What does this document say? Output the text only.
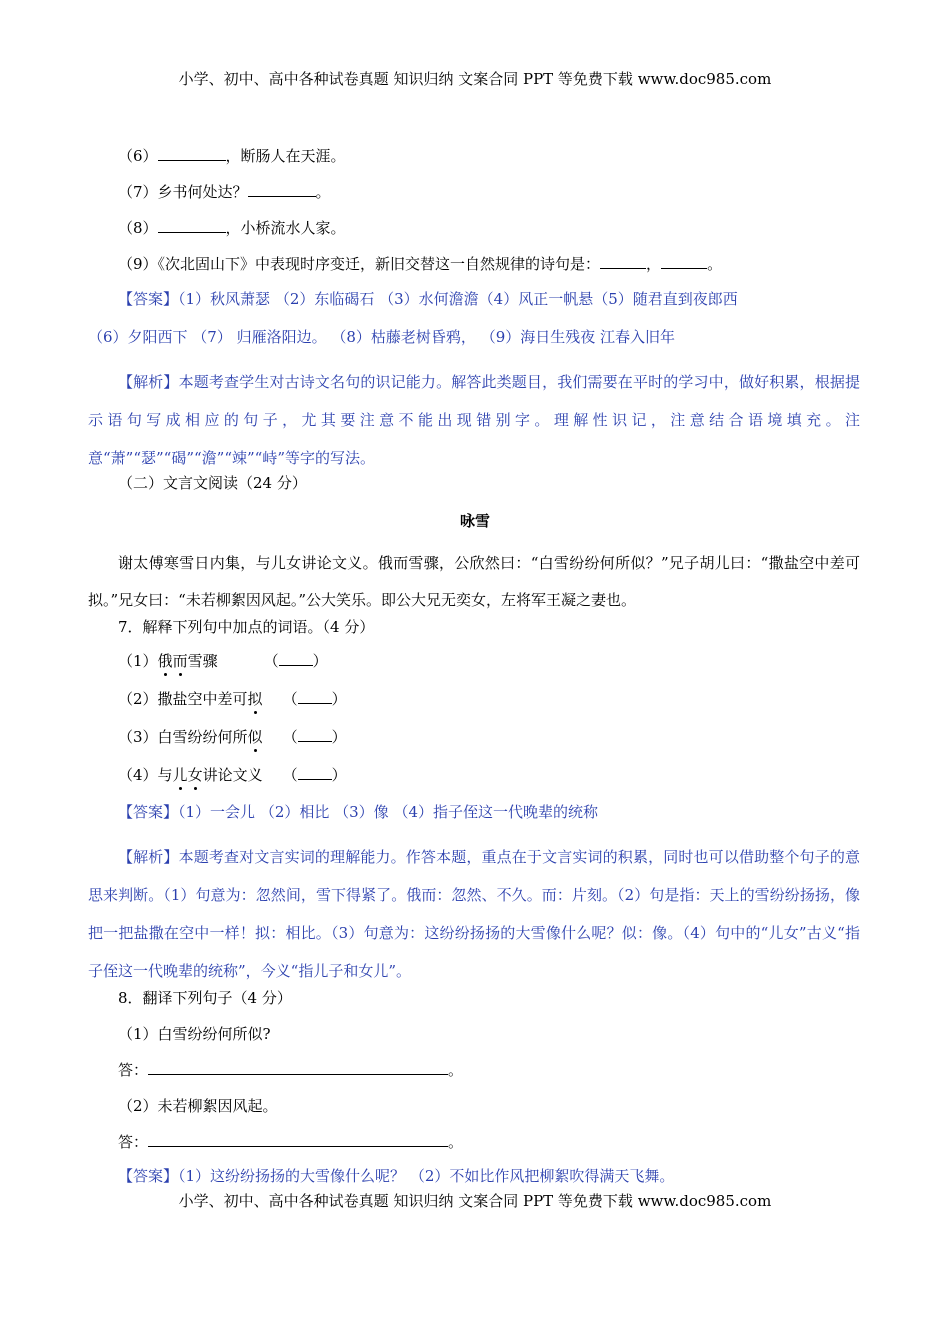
小学、初中、高中各种试卷真题 知识归纳 文案合同 PPT 等免费下载 www.doc985.com
（6）	，断肠人在天涯。
（7）乡书何处达？	。
（8）	，小桥流水人家。
（9）《次北固山下》中表现时序变迁，新旧交替这一自然规律的诗句是：	，	。
【答案】（1）秋风萧瑟 （2）东临碣石 （3）水何澹澹（4）风正一帆悬（5）随君直到夜郎西
（6）夕阳西下 （7） 归雁洛阳边。 （8）枯藤老树昏鸦， （9）海日生残夜 江春入旧年
【解析】本题考查学生对古诗文名句的识记能力。解答此类题目，我们需要在平时的学习中，做好积累，根据提示语句写成相应的句子，尤其要注意不能出现错别字。理解性识记，注意结合语境填充。注意“萧”“瑟”“碣”“澹”“竦”“峙”等字的写法。
（二）文言文阅读（24 分）
咏雪
谢太傅寒雪日内集，与儿女讲论文义。俄而雪骤，公欣然曰：“白雪纷纷何所似？”兄子胡儿曰：“撒盐空中差可拟。”兄女曰：“未若柳絮因风起。”公大笑乐。即公大兄无奕女，左将军王凝之妻也。
7．解释下列句中加点的词语。（4 分）
（1）俄而雪骤	（ ）
（2）撒盐空中差可拟 （ ）
（3）白雪纷纷何所似 （ ）
（4）与儿女讲论文义 （ ）
【答案】（1）一会儿 （2）相比 （3）像 （4）指子侄这一代晚辈的统称
【解析】本题考查对文言实词的理解能力。作答本题，重点在于文言实词的积累，同时也可以借助整个句子的意思来判断。（1）句意为：忽然间，雪下得紧了。俄而：忽然、不久。而：片刻。（2）句是指：天上的雪纷纷扬扬，像把一把盐撒在空中一样！拟：相比。（3）句意为：这纷纷扬扬的大雪像什么呢？似：像。（4）句中的“儿女”古义“指子侄这一代晚辈的统称”，今义“指儿子和女儿”。
8．翻译下列句子（4 分）
（1）白雪纷纷何所似?
答：	。
（2）未若柳絮因风起。
答：	。
【答案】（1）这纷纷扬扬的大雪像什么呢？ （2）不如比作风把柳絮吹得满天飞舞。
小学、初中、高中各种试卷真题 知识归纳 文案合同 PPT 等免费下载 www.doc985.com
